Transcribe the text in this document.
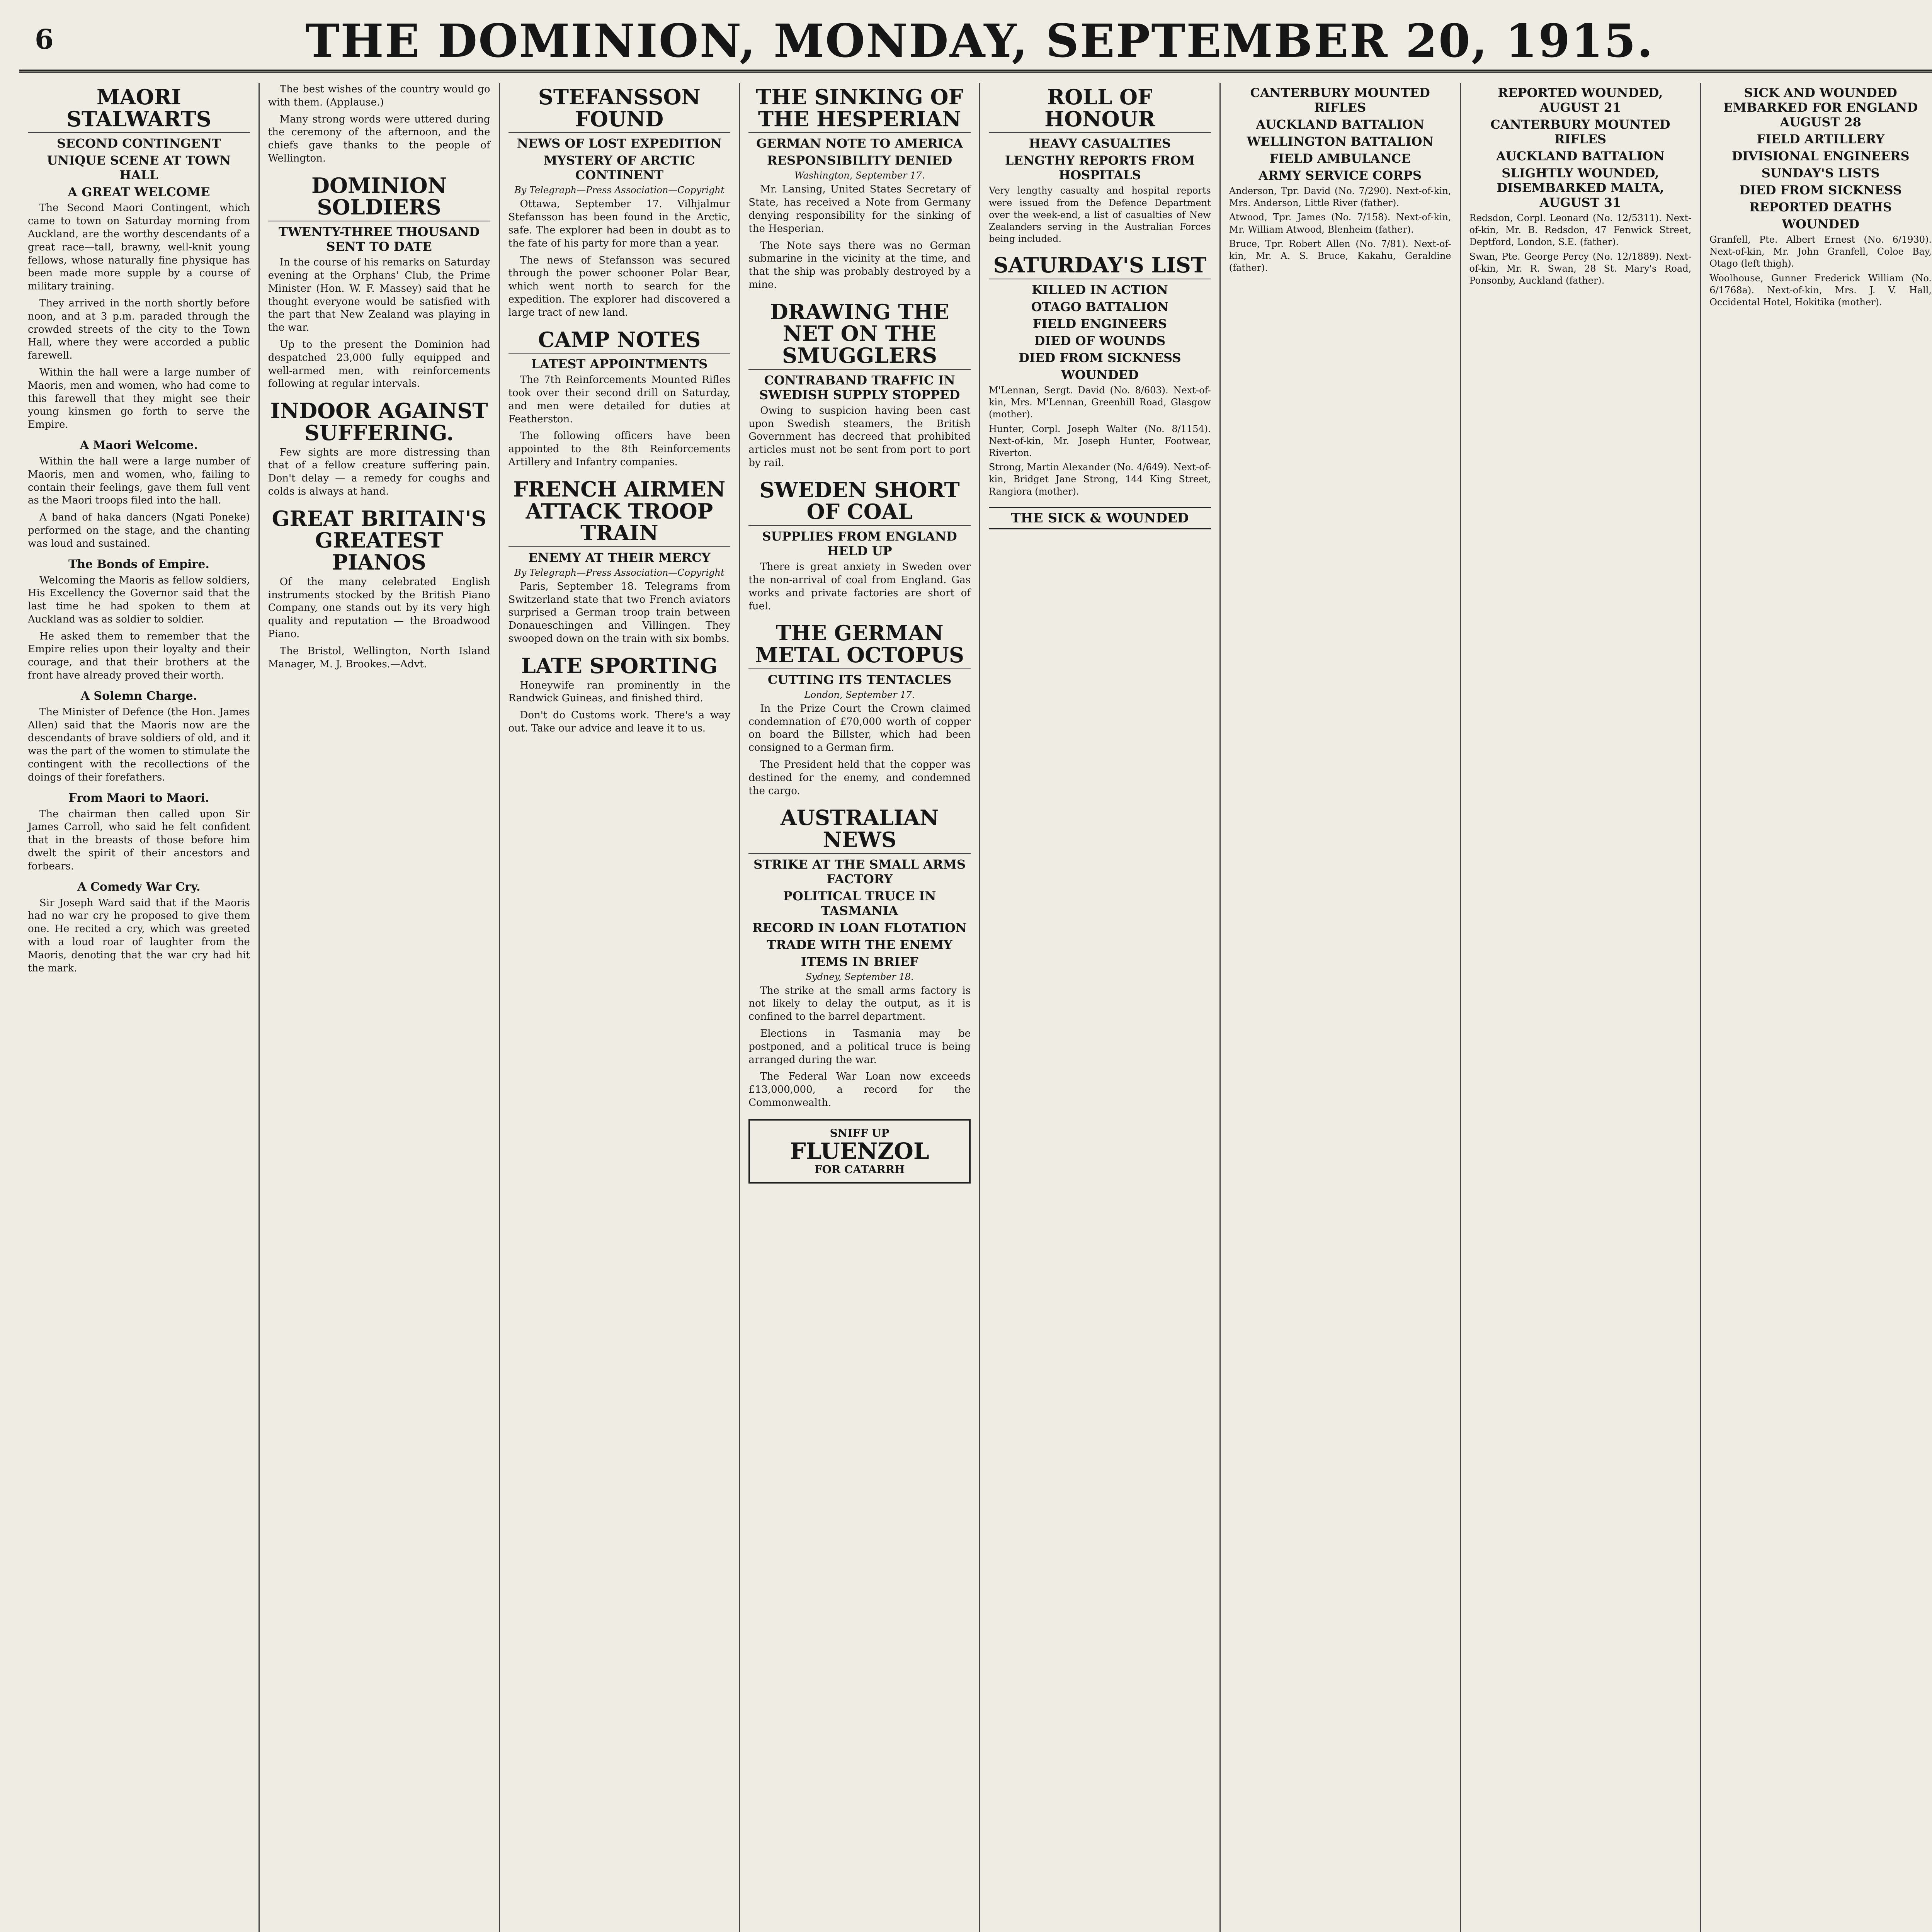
6	THE DOMINION, MONDAY, SEPTEMBER 20, 1915.
MAORI STALWARTS
SECOND CONTINGENT
UNIQUE SCENE AT TOWN HALL
A GREAT WELCOME

The Second Maori Contingent, which came to town on Saturday morning from Auckland, are the worthy descendants of a great race—tall, brawny, well-knit young fellows, whose naturally fine physique has been made more supple by a course of military training.

They arrived in the north shortly before noon, and at 3 p.m. paraded through the crowded streets of the city to the Town Hall, where they were accorded a public farewell.

Within the hall were a large number of Maoris, men and women, who had come to this farewell that they might see their young kinsmen go forth to serve the Empire.

A Maori Welcome.

Within the hall were a large number of Maoris, men and women, who, failing to contain their feelings, gave them full vent as the Maori troops filed into the hall.

A band of haka dancers (Ngati Poneke) performed on the stage, and the chanting was loud and sustained.

The Bonds of Empire.

Welcoming the Maoris as fellow soldiers, His Excellency the Governor said that the last time he had spoken to them at Auckland was as soldier to soldier.

He asked them to remember that the Empire relies upon their loyalty and their courage, and that their brothers at the front have already proved their worth.

A Solemn Charge.

The Minister of Defence (the Hon. James Allen) said that the Maoris now are the descendants of brave soldiers of old, and it was the part of the women to stimulate the contingent with the recollections of the doings of their forefathers.

From Maori to Maori.

The chairman then called upon Sir James Carroll, who said he felt confident that in the breasts of those before him dwelt the spirit of their ancestors and forbears.

A Comedy War Cry.

Sir Joseph Ward said that if the Maoris had no war cry he proposed to give them one. He recited a cry, which was greeted with a loud roar of laughter from the Maoris, denoting that the war cry had hit the mark.

The best wishes of the country would go with them. (Applause.)

Many strong words were uttered during the ceremony of the afternoon, and the chiefs gave thanks to the people of Wellington.

DOMINION SOLDIERS
TWENTY-THREE THOUSAND SENT TO DATE

In the course of his remarks on Saturday evening at the Orphans' Club, the Prime Minister (Hon. W. F. Massey) said that he thought everyone would be satisfied with the part that New Zealand was playing in the war.

Up to the present the Dominion had despatched 23,000 fully equipped and well-armed men, with reinforcements following at regular intervals.

INDOOR AGAINST SUFFERING.

Few sights are more distressing than that of a fellow creature suffering pain. Don't delay — a remedy for coughs and colds is always at hand.

GREAT BRITAIN'S GREATEST PIANOS

Of the many celebrated English instruments stocked by the British Piano Company, one stands out by its very high quality and reputation — the Broadwood Piano.

The Bristol, Wellington, North Island Manager, M. J. Brookes.—Advt.

STEFANSSON FOUND
NEWS OF LOST EXPEDITION
MYSTERY OF ARCTIC CONTINENT
By Telegraph—Press Association—Copyright

Ottawa, September 17. Vilhjalmur Stefansson has been found in the Arctic, safe. The explorer had been in doubt as to the fate of his party for more than a year.

The news of Stefansson was secured through the power schooner Polar Bear, which went north to search for the expedition. The explorer had discovered a large tract of new land.

CAMP NOTES
LATEST APPOINTMENTS

The 7th Reinforcements Mounted Rifles took over their second drill on Saturday, and men were detailed for duties at Featherston.

The following officers have been appointed to the 8th Reinforcements Artillery and Infantry companies.

FRENCH AIRMEN ATTACK TROOP TRAIN
ENEMY AT THEIR MERCY
By Telegraph—Press Association—Copyright

Paris, September 18. Telegrams from Switzerland state that two French aviators surprised a German troop train between Donaueschingen and Villingen. They swooped down on the train with six bombs.

LATE SPORTING

Honeywife ran prominently in the Randwick Guineas, and finished third.

Don't do Customs work. There's a way out. Take our advice and leave it to us.

THE SINKING OF THE HESPERIAN
GERMAN NOTE TO AMERICA
RESPONSIBILITY DENIED
Washington, September 17.

Mr. Lansing, United States Secretary of State, has received a Note from Germany denying responsibility for the sinking of the Hesperian.

The Note says there was no German submarine in the vicinity at the time, and that the ship was probably destroyed by a mine.

DRAWING THE NET ON THE SMUGGLERS
CONTRABAND TRAFFIC IN SWEDISH SUPPLY STOPPED

Owing to suspicion having been cast upon Swedish steamers, the British Government has decreed that prohibited articles must not be sent from port to port by rail.

SWEDEN SHORT OF COAL
SUPPLIES FROM ENGLAND HELD UP

There is great anxiety in Sweden over the non-arrival of coal from England. Gas works and private factories are short of fuel.

THE GERMAN METAL OCTOPUS
CUTTING ITS TENTACLES
London, September 17.

In the Prize Court the Crown claimed condemnation of £70,000 worth of copper on board the Billster, which had been consigned to a German firm.

The President held that the copper was destined for the enemy, and condemned the cargo.

AUSTRALIAN NEWS
STRIKE AT THE SMALL ARMS FACTORY
POLITICAL TRUCE IN TASMANIA
RECORD IN LOAN FLOTATION
TRADE WITH THE ENEMY
ITEMS IN BRIEF
Sydney, September 18.

The strike at the small arms factory is not likely to delay the output, as it is confined to the barrel department.

Elections in Tasmania may be postponed, and a political truce is being arranged during the war.

The Federal War Loan now exceeds £13,000,000, a record for the Commonwealth.

SNIFF UP
FLUENZOL
FOR CATARRH
ROLL OF HONOUR
HEAVY CASUALTIES
LENGTHY REPORTS FROM HOSPITALS

Very lengthy casualty and hospital reports were issued from the Defence Department over the week-end, a list of casualties of New Zealanders serving in the Australian Forces being included.

SATURDAY'S LIST
KILLED IN ACTION
OTAGO BATTALION
FIELD ENGINEERS
DIED OF WOUNDS
DIED FROM SICKNESS
WOUNDED

M'Lennan, Sergt. David (No. 8/603). Next-of-kin, Mrs. M'Lennan, Greenhill Road, Glasgow (mother).

Hunter, Corpl. Joseph Walter (No. 8/1154). Next-of-kin, Mr. Joseph Hunter, Footwear, Riverton.

Strong, Martin Alexander (No. 4/649). Next-of-kin, Bridget Jane Strong, 144 King Street, Rangiora (mother).

THE SICK & WOUNDED
CANTERBURY MOUNTED RIFLES
AUCKLAND BATTALION
WELLINGTON BATTALION
FIELD AMBULANCE
ARMY SERVICE CORPS

Anderson, Tpr. David (No. 7/290). Next-of-kin, Mrs. Anderson, Little River (father).

Atwood, Tpr. James (No. 7/158). Next-of-kin, Mr. William Atwood, Blenheim (father).

Bruce, Tpr. Robert Allen (No. 7/81). Next-of-kin, Mr. A. S. Bruce, Kakahu, Geraldine (father).

REPORTED WOUNDED, AUGUST 21
CANTERBURY MOUNTED RIFLES
AUCKLAND BATTALION
SLIGHTLY WOUNDED, DISEMBARKED MALTA, AUGUST 31

Redsdon, Corpl. Leonard (No. 12/5311). Next-of-kin, Mr. B. Redsdon, 47 Fenwick Street, Deptford, London, S.E. (father).

Swan, Pte. George Percy (No. 12/1889). Next-of-kin, Mr. R. Swan, 28 St. Mary's Road, Ponsonby, Auckland (father).

SICK AND WOUNDED EMBARKED FOR ENGLAND AUGUST 28
FIELD ARTILLERY
DIVISIONAL ENGINEERS
SUNDAY'S LISTS
DIED FROM SICKNESS
REPORTED DEATHS
WOUNDED

Granfell, Pte. Albert Ernest (No. 6/1930). Next-of-kin, Mr. John Granfell, Coloe Bay, Otago (left thigh).

Woolhouse, Gunner Frederick William (No. 6/1768a). Next-of-kin, Mrs. J. V. Hall, Occidental Hotel, Hokitika (mother).
